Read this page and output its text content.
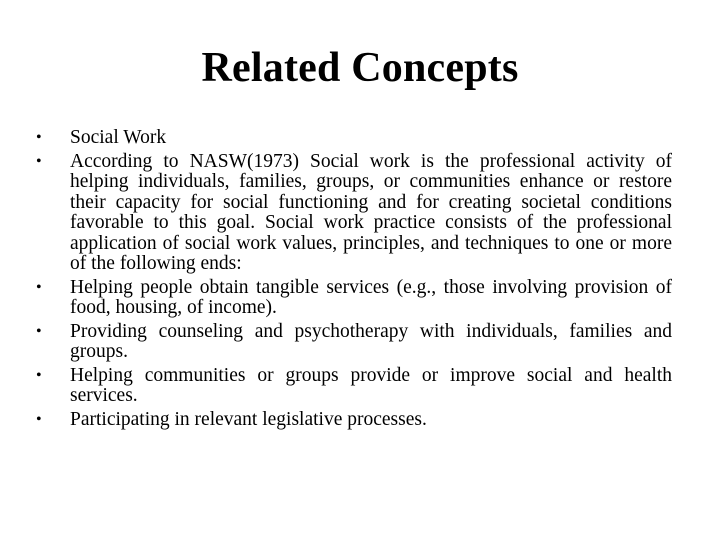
Related Concepts
•	Social Work
•	According to NASW(1973) Social work is the professional activity of helping individuals, families, groups, or communities enhance or restore their capacity for social functioning and for creating societal conditions favorable to this goal. Social work practice consists of the professional application of social work values, principles, and techniques to one or more of the following ends:
•	Helping people obtain tangible services (e.g., those involving provision of food, housing, of income).
•	Providing counseling and psychotherapy with individuals, families and groups.
•	Helping communities or groups provide or improve social and health services.
•	Participating in relevant legislative processes.
